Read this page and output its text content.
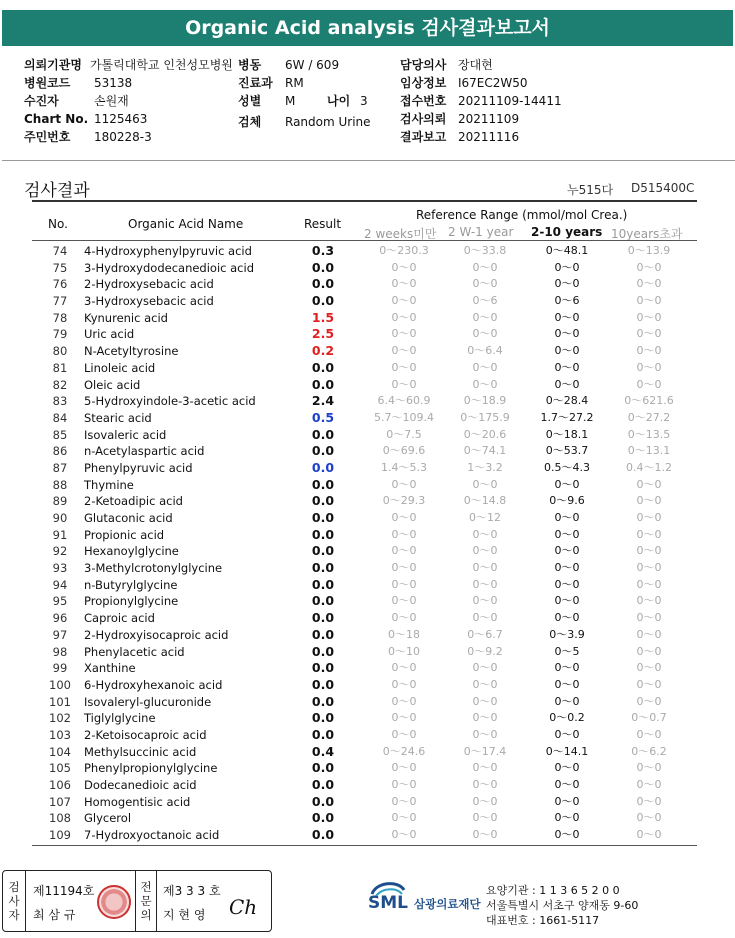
Organic Acid analysis 검사결과보고서
의뢰기관명 가톨릭대학교 인천성모병원
병원코드 53138
수진자	손원재
Chart No. 1125463
주민번호 180228-3
병동 6W / 609
진료과 RM
성별 M	나이 3

검체 Random Urine
담당의사 장대현
임상정보 I67EC2W50
접수번호 20211109-14411
검사의뢰 20211109
결과보고 20211116
검사결과	누515다 D515400C
No.	Organic Acid Name	Result
Reference Range (mmol/mol Crea.)
2 weeks미만 2 W-1 year 2-10 years 10years초과
74	4-Hydroxyphenylpyruvic acid	0.3	0～230.3	0～33.8	0～48.1	0～13.9
75	3-Hydroxydodecanedioic acid	0.0	0～0	0～0	0～0	0～0
76	2-Hydroxysebacic acid	0.0	0～0	0～0	0～0	0～0
77	3-Hydroxysebacic acid	0.0	0～0	0～6	0～6	0～0
78	Kynurenic acid	1.5	0～0	0～0	0～0	0～0
79	Uric acid	2.5	0～0	0～0	0～0	0～0
80	N-Acetyltyrosine	0.2	0～0	0～6.4	0～0	0～0
81	Linoleic acid	0.0	0～0	0～0	0～0	0～0
82	Oleic acid	0.0	0～0	0～0	0～0	0～0
83	5-Hydroxyindole-3-acetic acid	2.4	6.4～60.9	0～18.9	0～28.4	0～621.6
84	Stearic acid	0.5	5.7～109.4	0～175.9	1.7～27.2	0～27.2
85	Isovaleric acid	0.0	0～7.5	0～20.6	0～18.1	0～13.5
86	n-Acetylaspartic acid	0.0	0～69.6	0～74.1	0～53.7	0～13.1
87	Phenylpyruvic acid	0.0	1.4～5.3	1～3.2	0.5～4.3	0.4～1.2
88	Thymine	0.0	0～0	0～0	0～0	0～0
89	2-Ketoadipic acid	0.0	0～29.3	0～14.8	0～9.6	0～0
90	Glutaconic acid	0.0	0～0	0～12	0～0	0～0
91	Propionic acid	0.0	0～0	0～0	0～0	0～0
92	Hexanoylglycine	0.0	0～0	0～0	0～0	0～0
93	3-Methylcrotonylglycine	0.0	0～0	0～0	0～0	0～0
94	n-Butyrylglycine	0.0	0～0	0～0	0～0	0～0
95	Propionylglycine	0.0	0～0	0～0	0～0	0～0
96	Caproic acid	0.0	0～0	0～0	0～0	0～0
97	2-Hydroxyisocaproic acid	0.0	0～18	0～6.7	0～3.9	0～0
98	Phenylacetic acid	0.0	0～10	0～9.2	0～5	0～0
99	Xanthine	0.0	0～0	0～0	0～0	0～0
100 6-Hydroxyhexanoic acid	0.0	0～0	0～0	0～0	0～0
101 Isovaleryl-glucuronide	0.0	0～0	0～0	0～0	0～0
102 Tiglylglycine	0.0	0～0	0～0	0～0.2	0～0.7
103 2-Ketoisocaproic acid	0.0	0～0	0～0	0～0	0～0
104 Methylsuccinic acid	0.4	0～24.6	0～17.4	0～14.1	0～6.2
105 Phenylpropionylglycine	0.0	0～0	0～0	0～0	0～0
106 Dodecanedioic acid	0.0	0～0	0～0	0～0	0～0
107 Homogentisic acid	0.0	0～0	0～0	0～0	0～0
108 Glycerol	0.0	0～0	0～0	0～0	0～0
109 7-Hydroxyoctanoic acid	0.0	0～0	0～0	0～0	0～0
검
사
자
제11194호
최 삼 규
전
문
의
제3 3 3 호
지 현 영 Ch	SML 삼광의료재단
요양기관 : 1 1 3 6 5 2 0 0
서울특별시 서초구 양재동 9-60
대표번호 : 1661-5117
